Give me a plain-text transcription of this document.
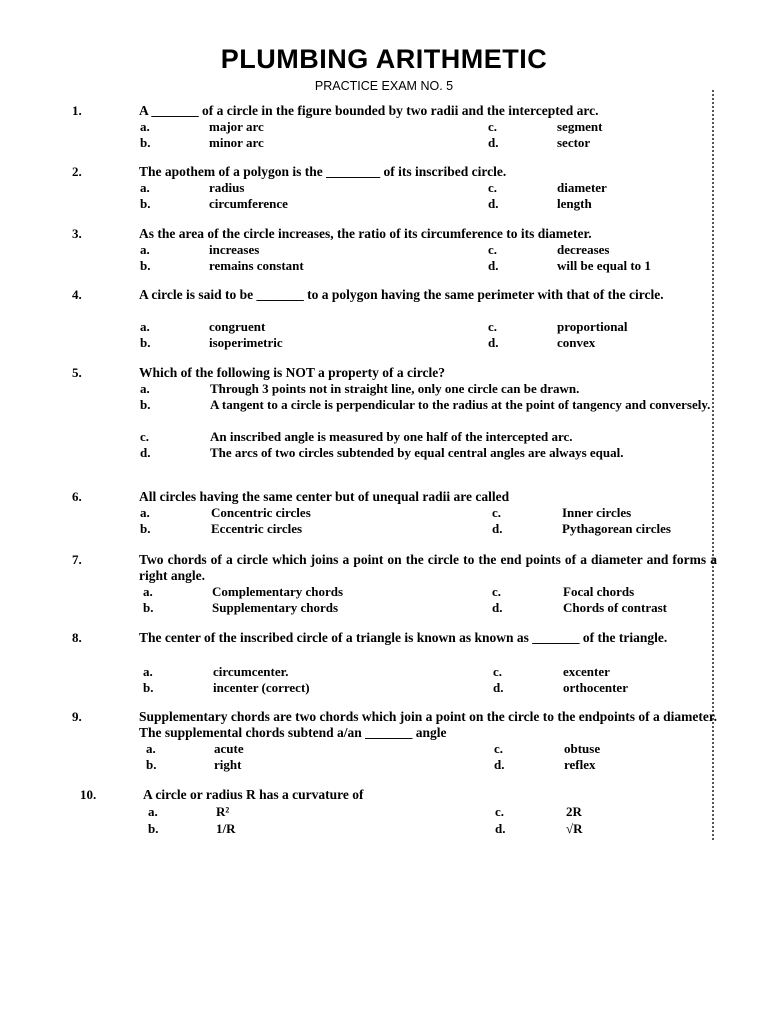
PLUMBING ARITHMETIC
PRACTICE EXAM NO. 5
1.	A _______ of a circle in the figure bounded by two radii and the intercepted arc.
a.	major arc
b.	minor arc
c.	segment
d.	sector
2.	The apothem of a polygon is the ________ of its inscribed circle.
a.	radius
b.	circumference
c.	diameter
d.	length
3.	As the area of the circle increases, the ratio of its circumference to its diameter.
a.	increases
b.	remains constant
c.	decreases
d.	will be equal to 1
4.	A circle is said to be _______ to a polygon having the same perimeter with that of the circle.
a.	congruent
b.	isoperimetric
c.	proportional
d.	convex
5.	Which of the following is NOT a property of a circle?
a.	Through 3 points not in straight line, only one circle can be drawn.
b.	A tangent to a circle is perpendicular to the radius at the point of tangency and conversely.
c.	An inscribed angle is measured by one half of the intercepted arc.
d.	The arcs of two circles subtended by equal central angles are always equal.
6.	All circles having the same center but of unequal radii are called
a.	Concentric circles
b.	Eccentric circles
c.	Inner circles
d.	Pythagorean circles
7.	Two chords of a circle which joins a point on the circle to the end points of a diameter and forms a right angle.
a.	Complementary chords
b.	Supplementary chords
c.	Focal chords
d.	Chords of contrast
8.	The center of the inscribed circle of a triangle is known as known as _______ of the triangle.
a.	circumcenter.
b.	incenter (correct)
c.	excenter
d.	orthocenter
9.	Supplementary chords are two chords which join a point on the circle to the endpoints of a diameter. The supplemental chords subtend a/an _______ angle
a.	acute
b.	right
c.	obtuse
d.	reflex
10.	A circle or radius R has a curvature of
a.	R²
b.	1/R
c.	2R
d.	√R
